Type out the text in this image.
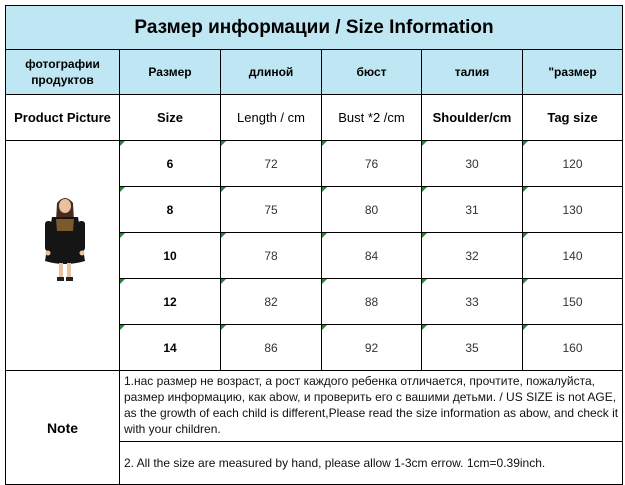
Размер информации / Size Information					
фотографии продуктов	Размер	длиной	бюст	талия	"размер
Product Picture	Size	Length / cm	Bust *2 /cm	Shoulder/cm	Tag size

	6	72	76	30	120
	8	75	80	31	130
	10	78	84	32	140
	12	82	88	33	150
	14	86	92	35	160
Note	1.нас размер не возраст, а рост каждого ребенка отличается, прочтите, пожалуйста, размер информацию, как abow, и проверить его с вашими детьми. / US SIZE is not AGE, as the growth of each child is different,Please read the size information as abow, and check it with your children.				
	2. All the size are measured by hand, please allow 1-3cm errow. 1cm=0.39inch.				
